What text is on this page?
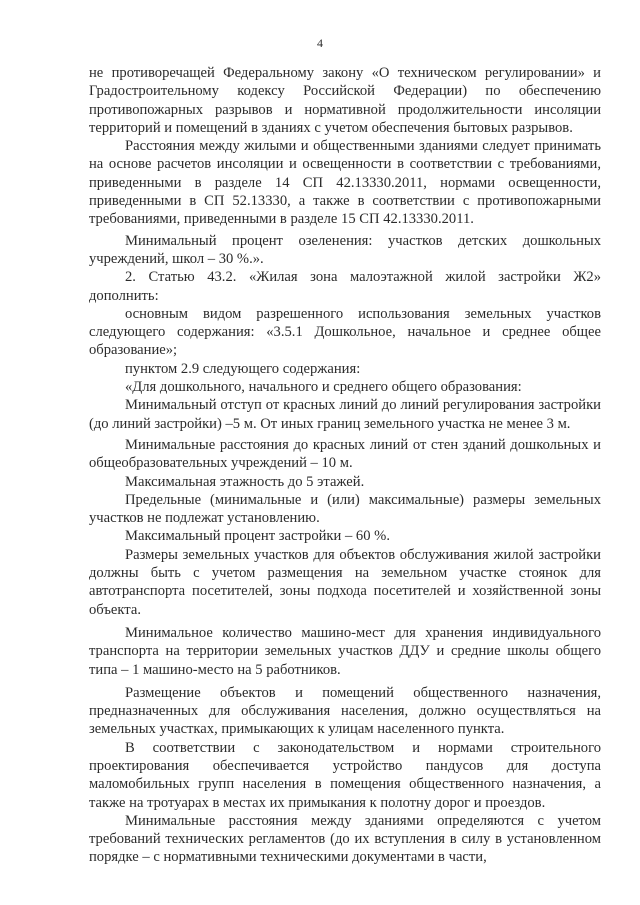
4

не противоречащей Федеральному закону «О техническом регулировании» и Градостроительному кодексу Российской Федерации) по обеспечению противопожарных разрывов и нормативной продолжительности инсоляции территорий и помещений в зданиях с учетом обеспечения бытовых разрывов.

Расстояния между жилыми и общественными зданиями следует принимать на основе расчетов инсоляции и освещенности в соответствии с требованиями, приведенными в разделе 14 СП 42.13330.2011, нормами освещенности, приведенными в СП 52.13330, а также в соответствии с противопожарными требованиями, приведенными в разделе 15 СП 42.13330.2011.

Минимальный процент озеленения: участков детских дошкольных учреждений, школ – 30 %.».

2. Статью 43.2. «Жилая зона малоэтажной жилой застройки Ж2» дополнить:

основным видом разрешенного использования земельных участков следующего содержания: «3.5.1 Дошкольное, начальное и среднее общее образование»;

пунктом 2.9 следующего содержания:

«Для дошкольного, начального и среднего общего образования:

Минимальный отступ от красных линий до линий регулирования застройки (до линий застройки) –5 м. От иных границ земельного участка не менее 3 м.

Минимальные расстояния до красных линий от стен зданий дошкольных и общеобразовательных учреждений – 10 м.

Максимальная этажность до 5 этажей.

Предельные (минимальные и (или) максимальные) размеры земельных участков не подлежат установлению.

Максимальный процент застройки – 60 %.

Размеры земельных участков для объектов обслуживания жилой застройки должны быть с учетом размещения на земельном участке стоянок для автотранспорта посетителей, зоны подхода посетителей и хозяйственной зоны объекта.

Минимальное количество машино-мест для хранения индивидуального транспорта на территории земельных участков ДДУ и средние школы общего типа – 1 машино-место на 5 работников.

Размещение объектов и помещений общественного назначения, предназначенных для обслуживания населения, должно осуществляться на земельных участках, примыкающих к улицам населенного пункта.

В соответствии с законодательством и нормами строительного проектирования обеспечивается устройство пандусов для доступа маломобильных групп населения в помещения общественного назначения, а также на тротуарах в местах их примыкания к полотну дорог и проездов.

Минимальные расстояния между зданиями определяются с учетом требований технических регламентов (до их вступления в силу в установленном порядке – с нормативными техническими документами в части,
